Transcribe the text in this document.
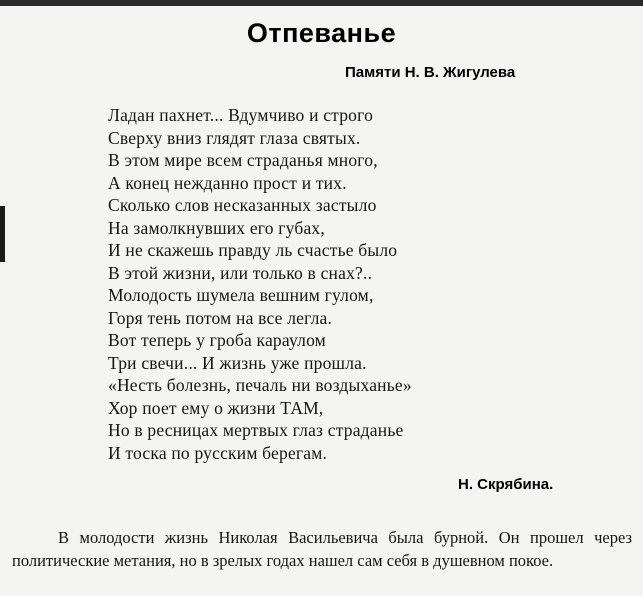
Отпеванье
Памяти Н. В. Жигулева
Ладан пахнет... Вдумчиво и строго
Сверху вниз глядят глаза святых.
В этом мире всем страданья много,
А конец нежданно прост и тих.
Сколько слов несказанных застыло
На замолкнувших его губах,
И не скажешь правду ль счастье было
В этой жизни, или только в снах?..
Молодость шумела вешним гулом,
Горя тень потом на все легла.
Вот теперь у гроба караулом
Три свечи... И жизнь уже прошла.
«Несть болезнь, печаль ни воздыханье»
Хор поет ему о жизни ТАМ,
Но в ресницах мертвых глаз страданье
И тоска по русским берегам.
Н. Скрябина.

В молодости жизнь Николая Васильевича была бурной. Он прошел через политические метания, но в зрелых годах нашел сам себя в душевном покое.
